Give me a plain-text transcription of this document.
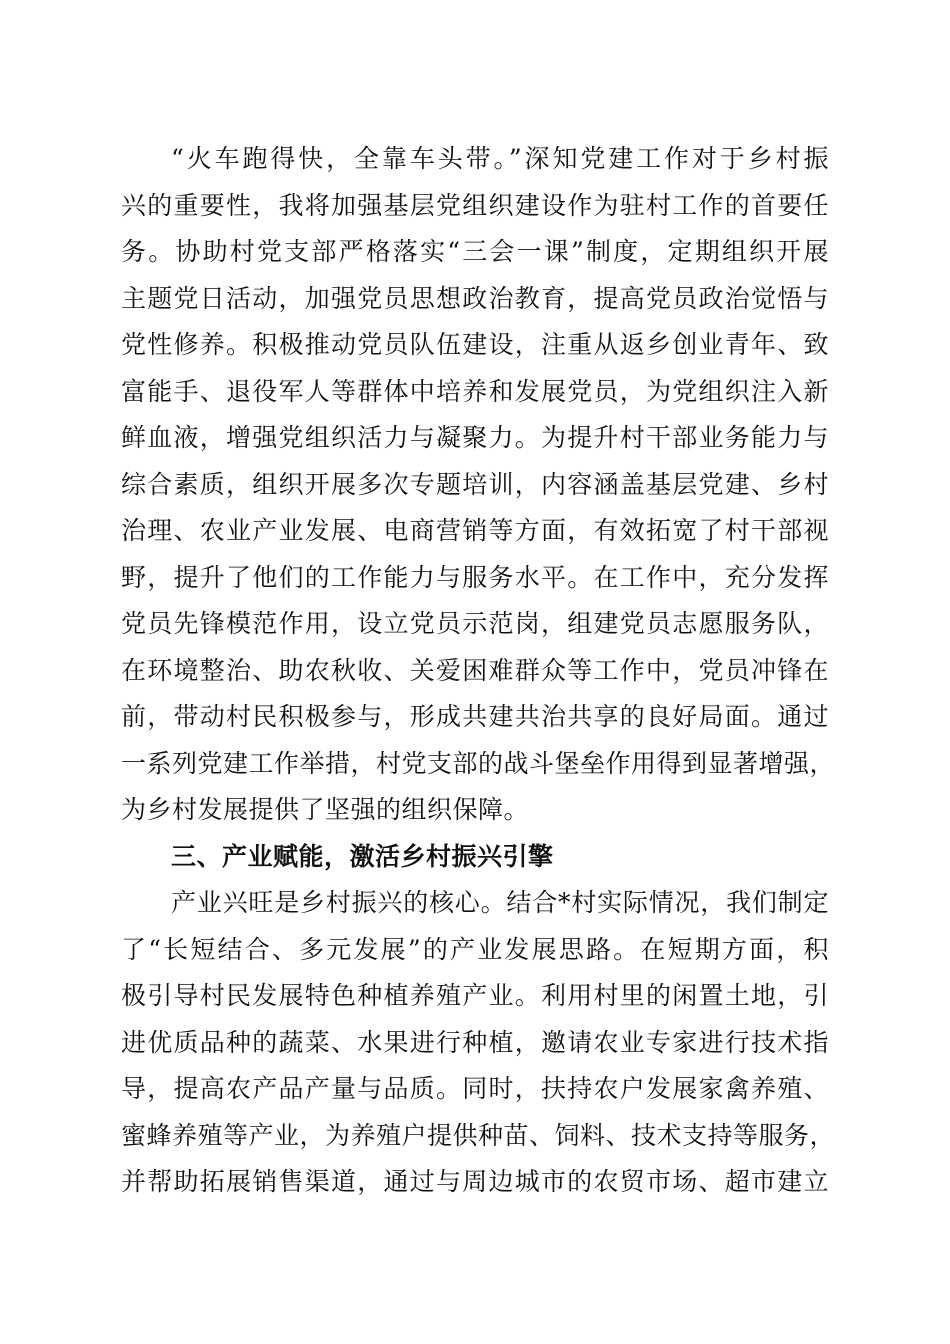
“火车跑得快，全靠车头带。”深知党建工作对于乡村振
兴的重要性，我将加强基层党组织建设作为驻村工作的首要任
务。协助村党支部严格落实“三会一课”制度，定期组织开展
主题党日活动，加强党员思想政治教育，提高党员政治觉悟与
党性修养。积极推动党员队伍建设，注重从返乡创业青年、致
富能手、退役军人等群体中培养和发展党员，为党组织注入新
鲜血液，增强党组织活力与凝聚力。为提升村干部业务能力与
综合素质，组织开展多次专题培训，内容涵盖基层党建、乡村
治理、农业产业发展、电商营销等方面，有效拓宽了村干部视
野，提升了他们的工作能力与服务水平。在工作中，充分发挥
党员先锋模范作用，设立党员示范岗，组建党员志愿服务队，
在环境整治、助农秋收、关爱困难群众等工作中，党员冲锋在
前，带动村民积极参与，形成共建共治共享的良好局面。通过
一系列党建工作举措，村党支部的战斗堡垒作用得到显著增强，
为乡村发展提供了坚强的组织保障。
三、产业赋能，激活乡村振兴引擎
产业兴旺是乡村振兴的核心。结合*村实际情况，我们制定
了“长短结合、多元发展”的产业发展思路。在短期方面，积
极引导村民发展特色种植养殖产业。利用村里的闲置土地，引
进优质品种的蔬菜、水果进行种植，邀请农业专家进行技术指
导，提高农产品产量与品质。同时，扶持农户发展家禽养殖、
蜜蜂养殖等产业，为养殖户提供种苗、饲料、技术支持等服务，
并帮助拓展销售渠道，通过与周边城市的农贸市场、超市建立
